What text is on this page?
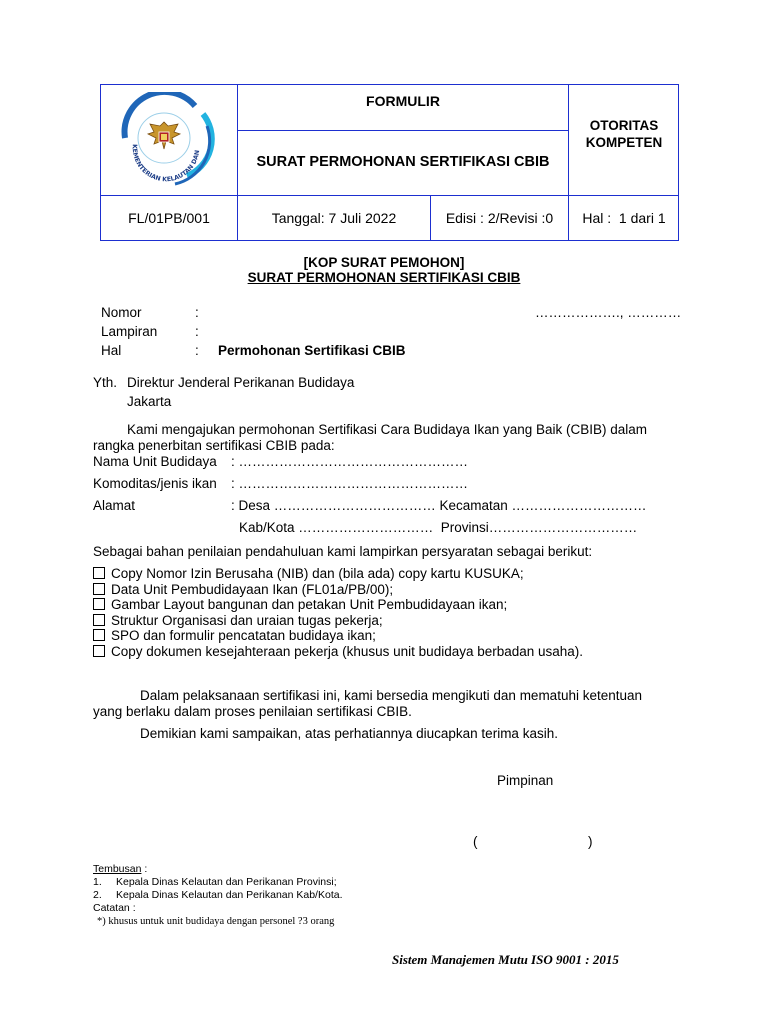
KEMENTERIAN KELAUTAN DAN
FORMULIR
SURAT PERMOHONAN SERTIFIKASI CBIB
OTORITAS KOMPETEN
FL/01PB/001	Tanggal: 7 Juli 2022	Edisi : 2/Revisi :0	Hal :  1 dari 1
[KOP SURAT PEMOHON]
SURAT PERMOHONAN SERTIFIKASI CBIB
Nomor	:	………………., …………
Lampiran	:
Hal	: Permohonan Sertifikasi CBIB
Yth. Direktur Jenderal Perikanan Budidaya
Jakarta
Kami mengajukan permohonan Sertifikasi Cara Budidaya Ikan yang Baik (CBIB) dalam
rangka penerbitan sertifikasi CBIB pada:
Nama Unit Budidaya : ……………………………………………
Komoditas/jenis ikan : ……………………………………………
Alamat	: Desa ……………………………… Kecamatan …………………………
Kab/Kota …………………………  Provinsi……………………………
Sebagai bahan penilaian pendahuluan kami lampirkan persyaratan sebagai berikut:
Copy Nomor Izin Berusaha (NIB) dan (bila ada) copy kartu KUSUKA;
Data Unit Pembudidayaan Ikan (FL01a/PB/00);
Gambar Layout bangunan dan petakan Unit Pembudidayaan ikan;
Struktur Organisasi dan uraian tugas pekerja;
SPO dan formulir pencatatan budidaya ikan;
Copy dokumen kesejahteraan pekerja (khusus unit budidaya berbadan usaha).
Dalam pelaksanaan sertifikasi ini, kami bersedia mengikuti dan mematuhi ketentuan
yang berlaku dalam proses penilaian sertifikasi CBIB.
Demikian kami sampaikan, atas perhatiannya diucapkan terima kasih.
Pimpinan
(	)
Tembusan :
1. Kepala Dinas Kelautan dan Perikanan Provinsi;
2. Kepala Dinas Kelautan dan Perikanan Kab/Kota.
Catatan :
*) khusus untuk unit budidaya dengan personel ?3 orang
Sistem Manajemen Mutu ISO 9001 : 2015
